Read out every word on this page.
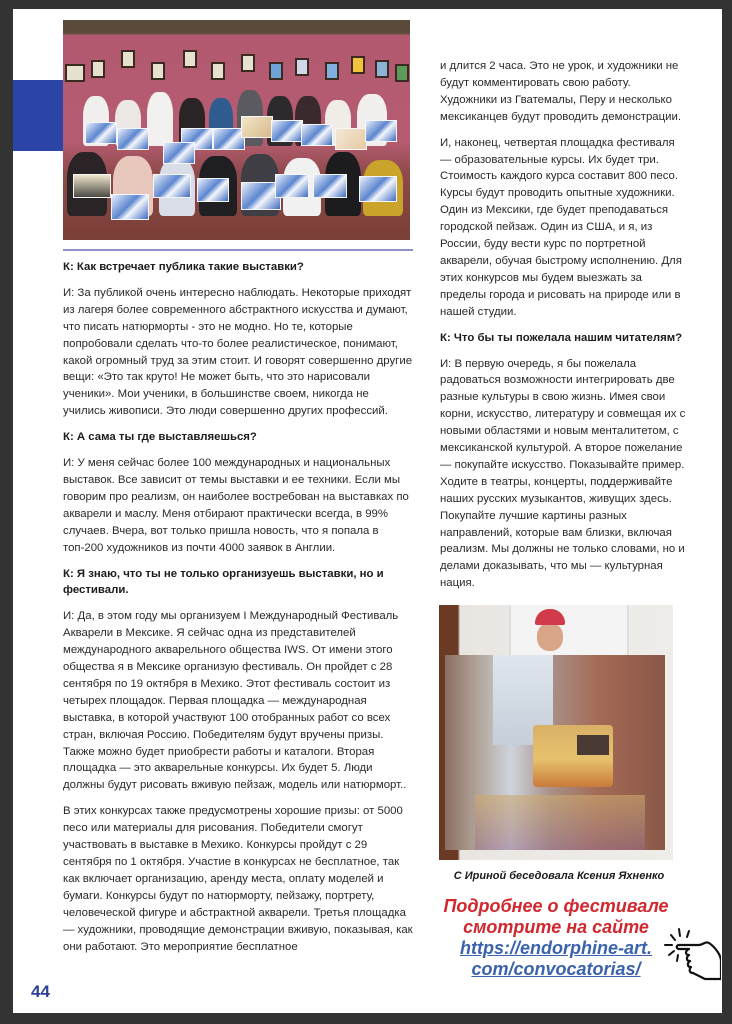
К: Как встречает публика такие выставки?

И: За публикой очень интересно наблюдать. Некоторые приходят из лагеря более современного абстрактного искусства и думают, что писать натюрморты - это не модно. Но те, которые попробовали сделать что-то более реалистическое, понимают, какой огромный труд за этим стоит. И говорят совершенно другие вещи: «Это так круто! Не может быть, что это нарисовали ученики». Мои ученики, в большинстве своем, никогда не учились живописи. Это люди совершенно других профессий.

К: А сама ты где выставляешься?

И: У меня сейчас более 100 международных и национальных выставок. Все зависит от темы выставки и ее техники. Если мы говорим про реализм, он наиболее востребован на выставках по акварели и маслу. Меня отбирают практически всегда, в 99% случаев. Вчера, вот только пришла новость, что я попала в топ-200 художников из почти 4000 заявок в Англии.

К: Я знаю, что ты не только организуешь выставки, но и фестивали.

И: Да, в этом году мы организуем I Международный Фестиваль Акварели в Мексике. Я сейчас одна из представителей международного акварельного общества IWS. От имени этого общества я в Мексике организую фестиваль. Он пройдет с 28 сентября по 19 октября в Мехико. Этот фестиваль состоит из четырех площадок. Первая площадка — международная выставка, в которой участвуют 100 отобранных работ со всех стран, включая Россию. Победителям будут вручены призы. Также можно будет приобрести работы и каталоги. Вторая площадка — это акварельные конкурсы. Их будет 5. Люди должны будут рисовать вживую пейзаж, модель или натюрморт..

В этих конкурсах также предусмотрены хорошие призы: от 5000 песо или материалы для рисования. Победители смогут участвовать в выставке в Мехико. Конкурсы пройдут с 29 сентября по 1 октября. Участие в конкурсах не бесплатное, так как включает организацию, аренду места, оплату моделей и бумаги. Конкурсы будут по натюрморту, пейзажу, портрету, человеческой фигуре и абстрактной акварели. Третья площадка — художники, проводящие демонстрации вживую, показывая, как они работают. Это мероприятие бесплатное

и длится 2 часа. Это не урок, и художники не будут комментировать свою работу. Художники из Гватемалы, Перу и несколько мексиканцев будут проводить демонстрации.

И, наконец, четвертая площадка фестиваля — образовательные курсы. Их будет три. Стоимость каждого курса составит 800 песо. Курсы будут проводить опытные художники. Один из Мексики, где будет преподаваться городской пейзаж. Один из США, и я, из России, буду вести курс по портретной акварели, обучая быстрому исполнению. Для этих конкурсов мы будем выезжать за пределы города и рисовать на природе или в нашей студии.

К: Что бы ты пожелала нашим читателям?

И: В первую очередь, я бы пожелала радоваться возможности интегрировать две разные культуры в свою жизнь. Имея свои корни, искусство, литературу и совмещая их с новыми областями и новым менталитетом, с мексиканской культурой. А второе пожелание — покупайте искусство. Показывайте пример. Ходите в театры, концерты, поддерживайте наших русских музыкантов, живущих здесь. Покупайте лучшие картины разных направлений, которые вам близки, включая реализм. Мы должны не только словами, но и делами доказывать, что мы — культурная нация.

С Ириной беседовала Ксения Яхненко
Подробнее о фестивале
смотрите на сайте
https://endorphine-art.
com/convocatorias/
44
